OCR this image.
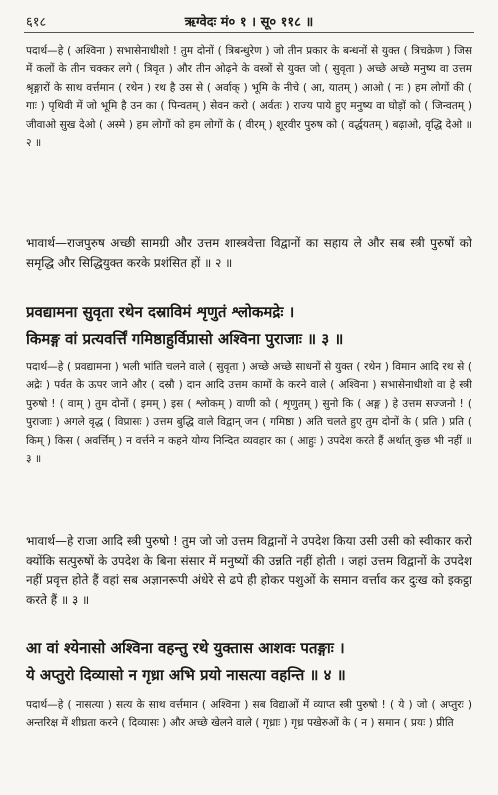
६१८	ऋग्वेदः मं० १ । सू० ११८ ॥
पदार्थ—हे ( अश्विना ) सभासेनाधीशो ! तुम दोनों ( त्रिबन्धुरेण ) जो तीन प्रकार के बन्धनों से युक्त ( त्रिचक्रेण ) जिस में कलों के तीन चक्कर लगे ( त्रिवृत ) और तीन ओढ़ने के वस्त्रों से युक्त जो ( सुवृता ) अच्छे अच्छे मनुष्य वा उत्तम श्रृङ्गारों के साथ वर्त्तमान ( रथेन ) रथ है उस से ( अर्वाक् ) भूमि के नीचे ( आ, यातम् ) आओ ( नः ) हम लोगों की ( गाः ) पृथिवी में जो भूमि है उन का ( पिन्वतम् ) सेवन करो ( अर्वतः ) राज्य पाये हुए मनुष्य वा घोड़ों को ( जिन्वतम् ) जीवाओ सुख देओ ( अस्मे ) हम लोगों को हम लोगों के ( वीरम् ) शूरवीर पुरुष को ( वर्द्धयतम् ) बढ़ाओ, वृद्धि देओ ॥ २ ॥
भावार्थ—राजपुरुष अच्छी सामग्री और उत्तम शास्त्रवेत्ता विद्वानों का सहाय ले और सब स्त्री पुरुषों को समृद्धि और सिद्धियुक्त करके प्रशंसित हों ॥ २ ॥
प्रवद्यामना सुवृता रथेन दस्राविमं शृणुतं श्लोकमद्रेः ।
किमङ्ग वां प्रत्यवर्त्तिं गमिष्ठाहुर्विप्रासो अश्विना पुराजाः ॥ ३ ॥
पदार्थ—हे ( प्रवद्यामना ) भली भांति चलने वाले ( सुवृता ) अच्छे अच्छे साधनों से युक्त ( रथेन ) विमान आदि रथ से ( अद्रेः ) पर्वत के ऊपर जाने और ( दस्रौ ) दान आदि उत्तम कामों के करने वाले ( अश्विना ) सभासेनाधीशो वा हे स्त्री पुरुषो ! ( वाम् ) तुम दोनों ( इमम् ) इस ( श्लोकम् ) वाणी को ( शृणुतम् ) सुनो कि ( अङ्ग ) हे उत्तम सज्जनो ! ( पुराजाः ) अगले वृद्ध ( विप्रासः ) उत्तम बुद्धि वाले विद्वान् जन ( गमिष्ठा ) अति चलते हुए तुम दोनों के ( प्रति ) प्रति ( किम् ) किस ( अवर्त्तिम् ) न वर्त्तने न कहने योग्य निन्दित व्यवहार का ( आहुः ) उपदेश करते हैं अर्थात् कुछ भी नहीं ॥ ३ ॥
भावार्थ—हे राजा आदि स्त्री पुरुषो ! तुम जो जो उत्तम विद्वानों ने उपदेश किया उसी उसी को स्वीकार करो क्योंकि सत्पुरुषों के उपदेश के बिना संसार में मनुष्यों की उन्नति नहीं होती । जहां उत्तम विद्वानों के उपदेश नहीं प्रवृत्त होते हैं वहां सब अज्ञानरूपी अंधेरे से ढपे ही होकर पशुओं के समान वर्त्ताव कर दुःख को इकट्ठा करते हैं ॥ ३ ॥
आ वां श्येनासो अश्विना वहन्तु रथे युक्तास आशवः पतङ्गाः ।
ये अप्तुरो दिव्यासो न गृध्रा अभि प्रयो नासत्या वहन्ति ॥ ४ ॥
पदार्थ—हे ( नासत्या ) सत्य के साथ वर्त्तमान ( अश्विना ) सब विद्याओं में व्याप्त स्त्री पुरुषो ! ( ये ) जो ( अप्तुरः ) अन्तरिक्ष में शीघ्रता करने ( दिव्यासः ) और अच्छे खेलने वाले ( गृध्राः ) गृध्र पखेरुओं के ( न ) समान ( प्रयः ) प्रीति
